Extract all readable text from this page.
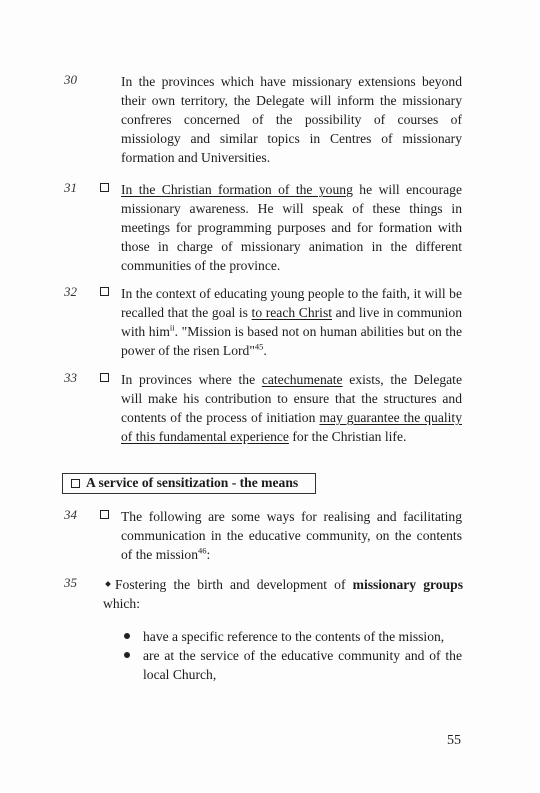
30	In the provinces which have missionary extensions beyond their own territory, the Delegate will inform the missionary confreres concerned of the possibility of courses of missiology and similar topics in Centres of missionary formation and Universities.
31	In the Christian formation of the young he will encourage missionary awareness. He will speak of these things in meetings for programming purposes and for formation with those in charge of missionary animation in the different communities of the province.
32	In the context of educating young people to the faith, it will be recalled that the goal is to reach Christ and live in communion with him$^{ii}$. "Mission is based not on human abilities but on the power of the risen Lord"$^{45}$.
33	In provinces where the catechumenate exists, the Delegate will make his contribution to ensure that the structures and contents of the process of initiation may guarantee the quality of this fundamental experience for the Christian life.
A service of sensitization - the means
34	The following are some ways for realising and facilitating communication in the educative community, on the contents of the mission$^{46}$:
35	Fostering the birth and development of missionary groups which:
have a specific reference to the contents of the mission,
are at the service of the educative community and of the local Church,
55
